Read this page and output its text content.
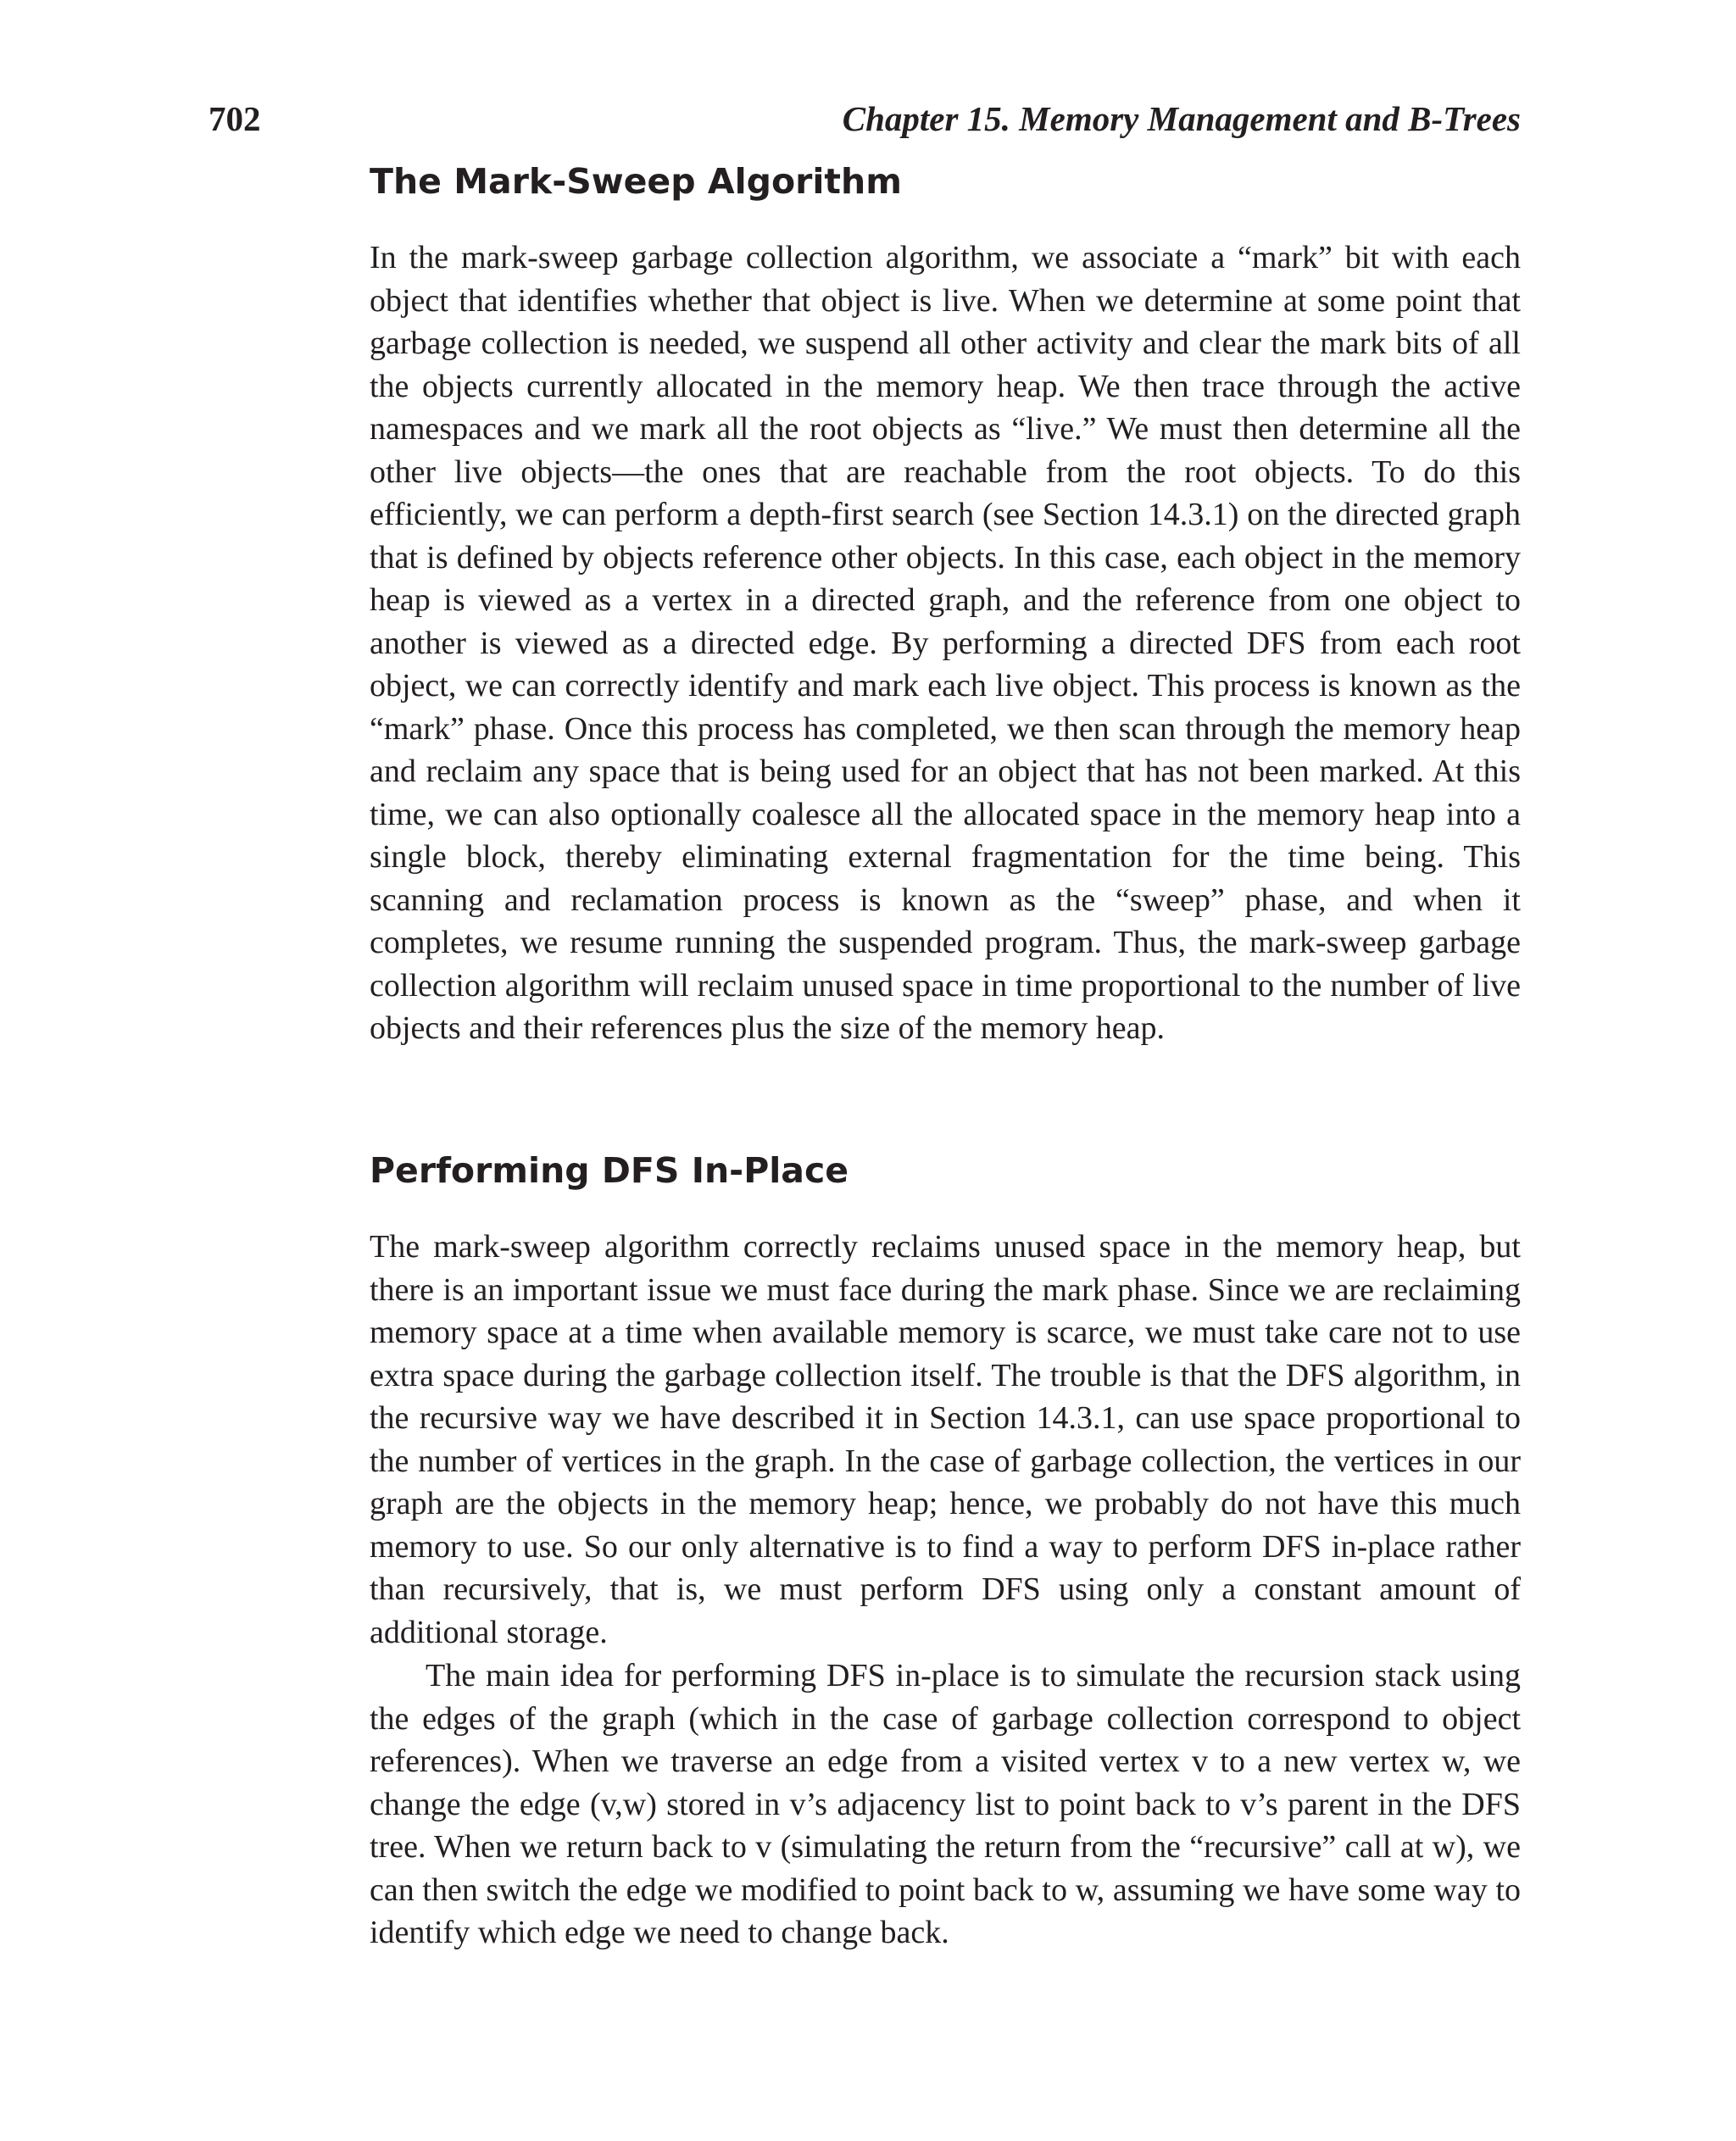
702	Chapter 15. Memory Management and B-Trees
The Mark-Sweep Algorithm

In the mark-sweep garbage collection algorithm, we associate a “mark” bit with each object that identifies whether that object is live. When we determine at some point that garbage collection is needed, we suspend all other activity and clear the mark bits of all the objects currently allocated in the memory heap. We then trace through the active namespaces and we mark all the root objects as “live.” We must then determine all the other live objects—the ones that are reachable from the root objects. To do this efficiently, we can perform a depth-first search (see Section 14.3.1) on the directed graph that is defined by objects reference other objects. In this case, each object in the memory heap is viewed as a vertex in a directed graph, and the reference from one object to another is viewed as a directed edge. By performing a directed DFS from each root object, we can correctly identify and mark each live object. This process is known as the “mark” phase. Once this process has completed, we then scan through the memory heap and reclaim any space that is being used for an object that has not been marked. At this time, we can also optionally coalesce all the allocated space in the memory heap into a single block, thereby eliminating external fragmentation for the time being. This scanning and reclamation process is known as the “sweep” phase, and when it completes, we resume running the suspended program. Thus, the mark-sweep garbage collection algorithm will reclaim unused space in time proportional to the number of live objects and their references plus the size of the memory heap.

Performing DFS In-Place

The mark-sweep algorithm correctly reclaims unused space in the memory heap, but there is an important issue we must face during the mark phase. Since we are reclaiming memory space at a time when available memory is scarce, we must take care not to use extra space during the garbage collection itself. The trouble is that the DFS algorithm, in the recursive way we have described it in Section 14.3.1, can use space proportional to the number of vertices in the graph. In the case of garbage collection, the vertices in our graph are the objects in the memory heap; hence, we probably do not have this much memory to use. So our only alternative is to find a way to perform DFS in-place rather than recursively, that is, we must perform DFS using only a constant amount of additional storage.

The main idea for performing DFS in-place is to simulate the recursion stack using the edges of the graph (which in the case of garbage collection correspond to object references). When we traverse an edge from a visited vertex v to a new vertex w, we change the edge (v,w) stored in v’s adjacency list to point back to v’s parent in the DFS tree. When we return back to v (simulating the return from the “recursive” call at w), we can then switch the edge we modified to point back to w, assuming we have some way to identify which edge we need to change back.
